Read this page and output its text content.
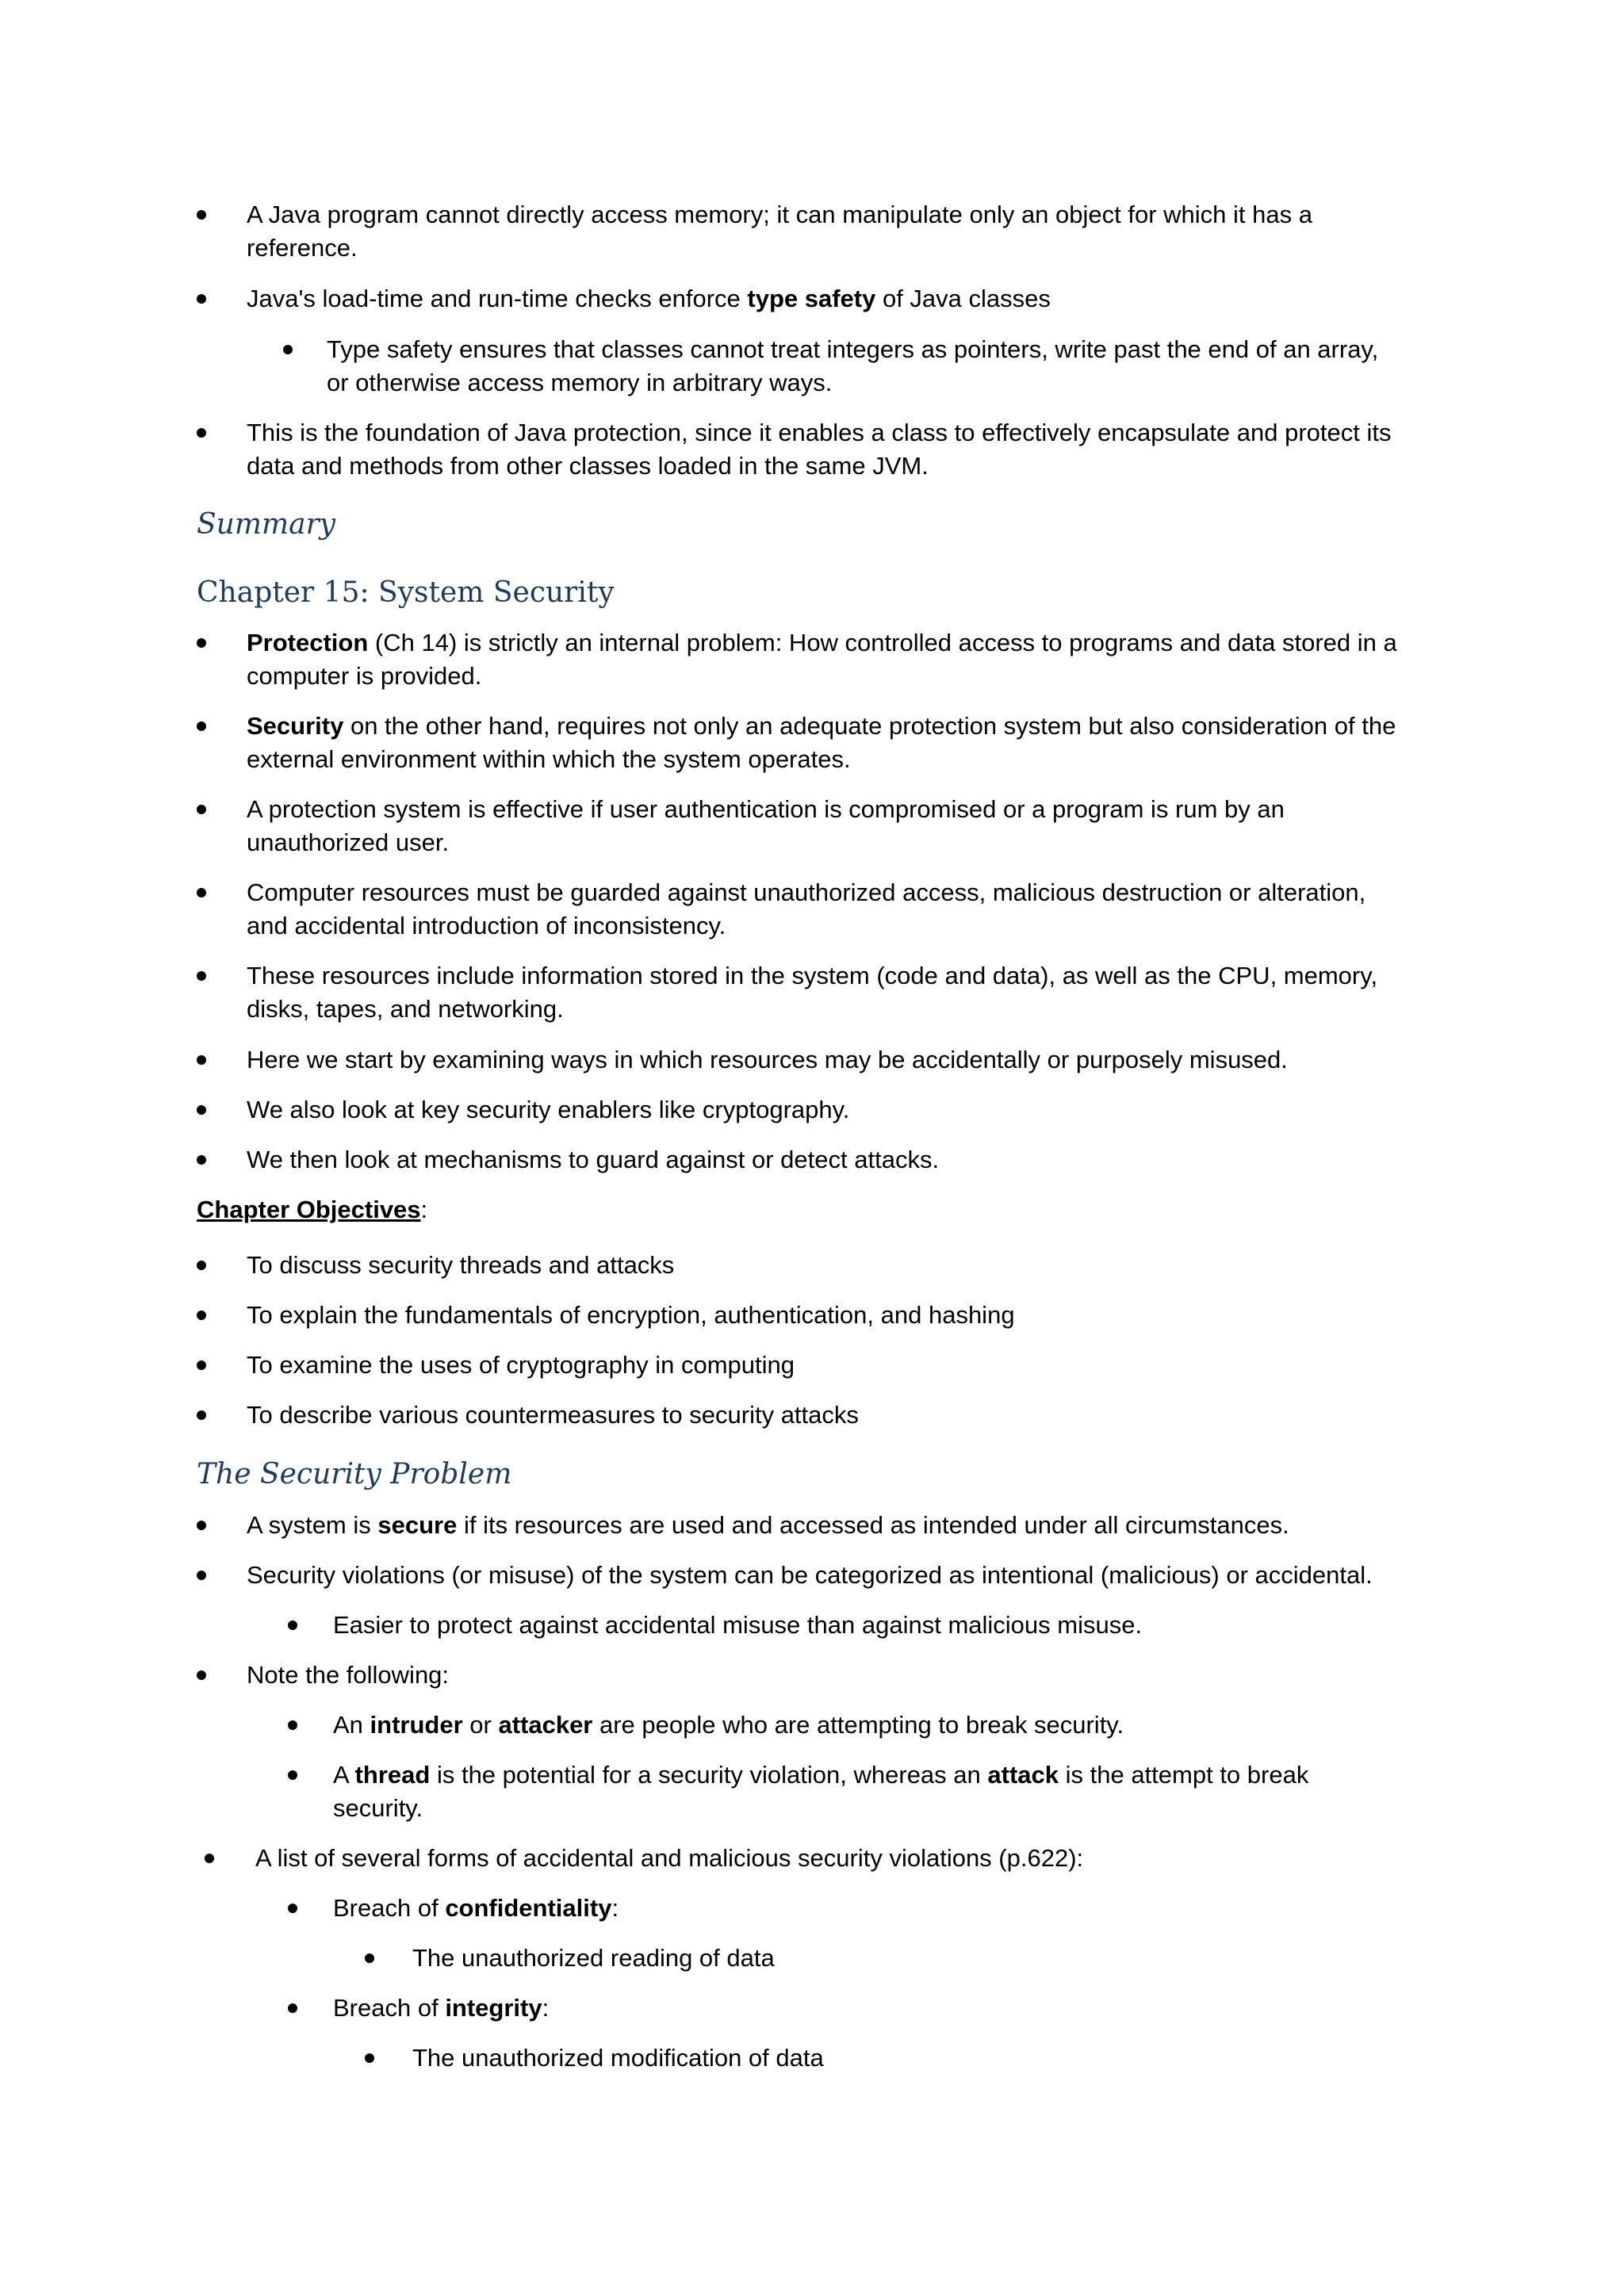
A Java program cannot directly access memory; it can manipulate only an object for which it has a
reference.
Java's load-time and run-time checks enforce type safety of Java classes
Type safety ensures that classes cannot treat integers as pointers, write past the end of an array,
or otherwise access memory in arbitrary ways.
This is the foundation of Java protection, since it enables a class to effectively encapsulate and protect its
data and methods from other classes loaded in the same JVM.
Summary
Chapter 15: System Security
Protection (Ch 14) is strictly an internal problem: How controlled access to programs and data stored in a
computer is provided.
Security on the other hand, requires not only an adequate protection system but also consideration of the
external environment within which the system operates.
A protection system is effective if user authentication is compromised or a program is rum by an
unauthorized user.
Computer resources must be guarded against unauthorized access, malicious destruction or alteration,
and accidental introduction of inconsistency.
These resources include information stored in the system (code and data), as well as the CPU, memory,
disks, tapes, and networking.
Here we start by examining ways in which resources may be accidentally or purposely misused.
We also look at key security enablers like cryptography.
We then look at mechanisms to guard against or detect attacks.
Chapter Objectives:
To discuss security threads and attacks
To explain the fundamentals of encryption, authentication, and hashing
To examine the uses of cryptography in computing
To describe various countermeasures to security attacks
The Security Problem
A system is secure if its resources are used and accessed as intended under all circumstances.
Security violations (or misuse) of the system can be categorized as intentional (malicious) or accidental.
Easier to protect against accidental misuse than against malicious misuse.
Note the following:
An intruder or attacker are people who are attempting to break security.
A thread is the potential for a security violation, whereas an attack is the attempt to break
security.
A list of several forms of accidental and malicious security violations (p.622):
Breach of confidentiality:
The unauthorized reading of data
Breach of integrity:
The unauthorized modification of data
